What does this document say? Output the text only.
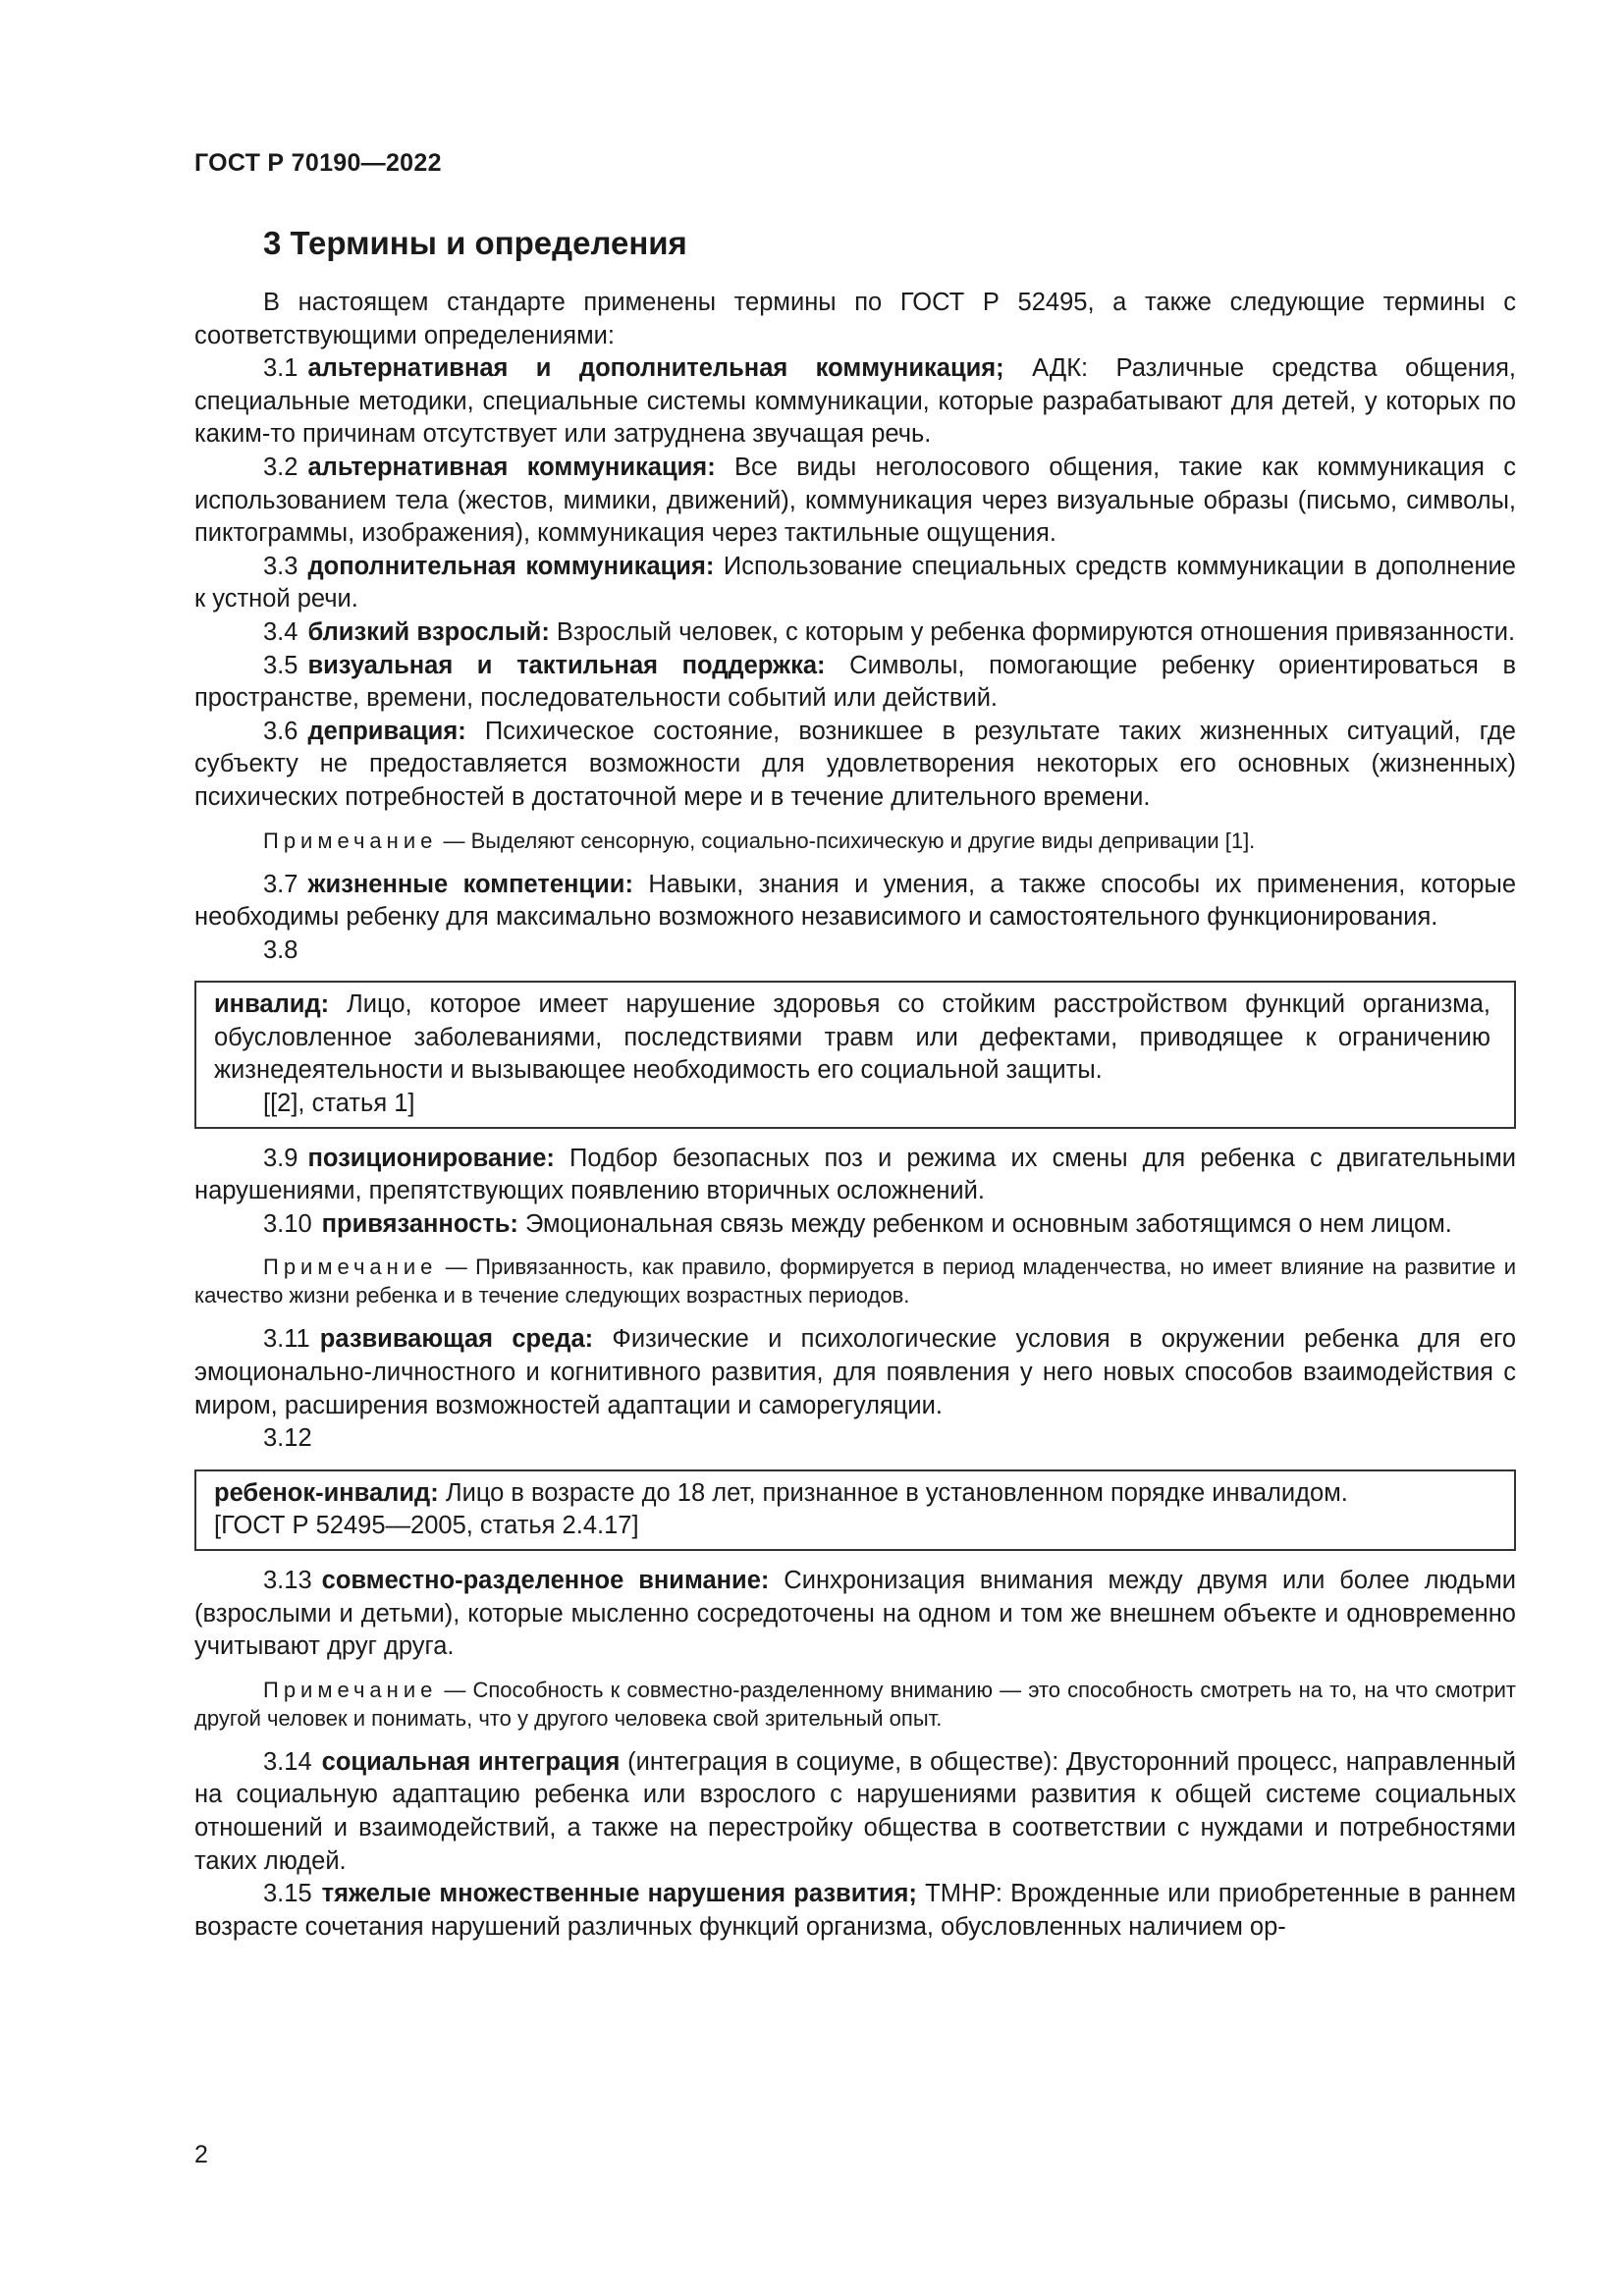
ГОСТ Р 70190—2022
3 Термины и определения

В настоящем стандарте применены термины по ГОСТ Р 52495, а также следующие термины с соответствующими определениями:

3.1 альтернативная и дополнительная коммуникация; АДК: Различные средства общения, специальные методики, специальные системы коммуникации, которые разрабатывают для детей, у которых по каким-то причинам отсутствует или затруднена звучащая речь.

3.2 альтернативная коммуникация: Все виды неголосового общения, такие как коммуникация с использованием тела (жестов, мимики, движений), коммуникация через визуальные образы (письмо, символы, пиктограммы, изображения), коммуникация через тактильные ощущения.

3.3 дополнительная коммуникация: Использование специальных средств коммуникации в дополнение к устной речи.

3.4 близкий взрослый: Взрослый человек, с которым у ребенка формируются отношения привязанности.

3.5 визуальная и тактильная поддержка: Символы, помогающие ребенку ориентироваться в пространстве, времени, последовательности событий или действий.

3.6 депривация: Психическое состояние, возникшее в результате таких жизненных ситуаций, где субъекту не предоставляется возможности для удовлетворения некоторых его основных (жизненных) психических потребностей в достаточной мере и в течение длительного времени.

Примечание — Выделяют сенсорную, социально-психическую и другие виды депривации [1].

3.7 жизненные компетенции: Навыки, знания и умения, а также способы их применения, которые необходимы ребенку для максимально возможного независимого и самостоятельного функционирования.

3.8

инвалид: Лицо, которое имеет нарушение здоровья со стойким расстройством функций организма, обусловленное заболеваниями, последствиями травм или дефектами, приводящее к ограничению жизнедеятельности и вызывающее необходимость его социальной защиты.

[[2], статья 1]

3.9 позиционирование: Подбор безопасных поз и режима их смены для ребенка с двигательными нарушениями, препятствующих появлению вторичных осложнений.

3.10 привязанность: Эмоциональная связь между ребенком и основным заботящимся о нем лицом.

Примечание — Привязанность, как правило, формируется в период младенчества, но имеет влияние на развитие и качество жизни ребенка и в течение следующих возрастных периодов.

3.11 развивающая среда: Физические и психологические условия в окружении ребенка для его эмоционально-личностного и когнитивного развития, для появления у него новых способов взаимодействия с миром, расширения возможностей адаптации и саморегуляции.

3.12

ребенок-инвалид: Лицо в возрасте до 18 лет, признанное в установленном порядке инвалидом.

[ГОСТ Р 52495—2005, статья 2.4.17]

3.13 совместно-разделенное внимание: Синхронизация внимания между двумя или более людьми (взрослыми и детьми), которые мысленно сосредоточены на одном и том же внешнем объекте и одновременно учитывают друг друга.

Примечание — Способность к совместно-разделенному вниманию — это способность смотреть на то, на что смотрит другой человек и понимать, что у другого человека свой зрительный опыт.

3.14 социальная интеграция (интеграция в социуме, в обществе): Двусторонний процесс, направленный на социальную адаптацию ребенка или взрослого с нарушениями развития к общей системе социальных отношений и взаимодействий, а также на перестройку общества в соответствии с нуждами и потребностями таких людей.

3.15 тяжелые множественные нарушения развития; ТМНР: Врожденные или приобретенные в раннем возрасте сочетания нарушений различных функций организма, обусловленных наличием ор-

2
